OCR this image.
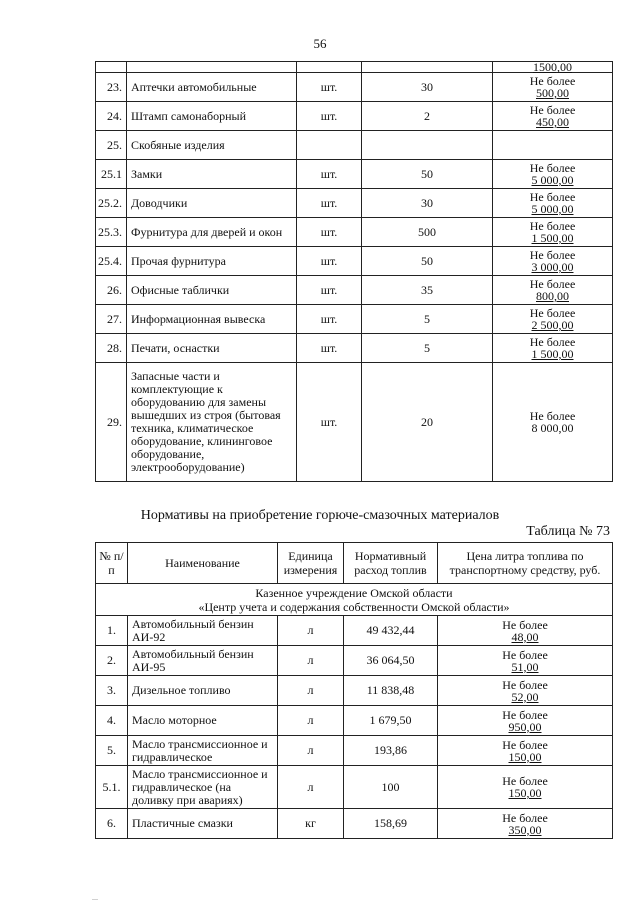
56
				1500,00
23.	Аптечки автомобильные	шт.	30	Не более
500,00
24.	Штамп самонаборный	шт.	2	Не более
450,00
25.	Скобяные изделия			
25.1	Замки	шт.	50	Не более
5 000,00
25.2.	Доводчики	шт.	30	Не более
5 000,00
25.3.	Фурнитура для дверей и окон	шт.	500	Не более
1 500,00
25.4.	Прочая фурнитура	шт.	50	Не более
3 000,00
26.	Офисные таблички	шт.	35	Не более
800,00
27.	Информационная вывеска	шт.	5	Не более
2 500,00
28.	Печати, оснастки	шт.	5	Не более
1 500,00
29.	Запасные части и комплектующие к оборудованию для замены вышедших из строя (бытовая техника, климатическое оборудование, клининговое оборудование, электрооборудование)	шт.	20	Не более
8 000,00
Нормативы на приобретение горюче-смазочных материалов
Таблица № 73
№ п/п	Наименование	Единица измерения	Нормативный расход топлив	Цена литра топлива по транспортному средству, руб.
Казенное учреждение Омской области
«Центр учета и содержания собственности Омской области»				
1.	Автомобильный бензин АИ-92	л	49 432,44	Не более
48,00
2.	Автомобильный бензин АИ-95	л	36 064,50	Не более
51,00
3.	Дизельное топливо	л	11 838,48	Не более
52,00
4.	Масло моторное	л	1 679,50	Не более
950,00
5.	Масло трансмиссионное и гидравлическое	л	193,86	Не более
150,00
5.1.	Масло трансмиссионное и гидравлическое (на доливку при авариях)	л	100	Не более
150,00
6.	Пластичные смазки	кг	158,69	Не более
350,00
...
